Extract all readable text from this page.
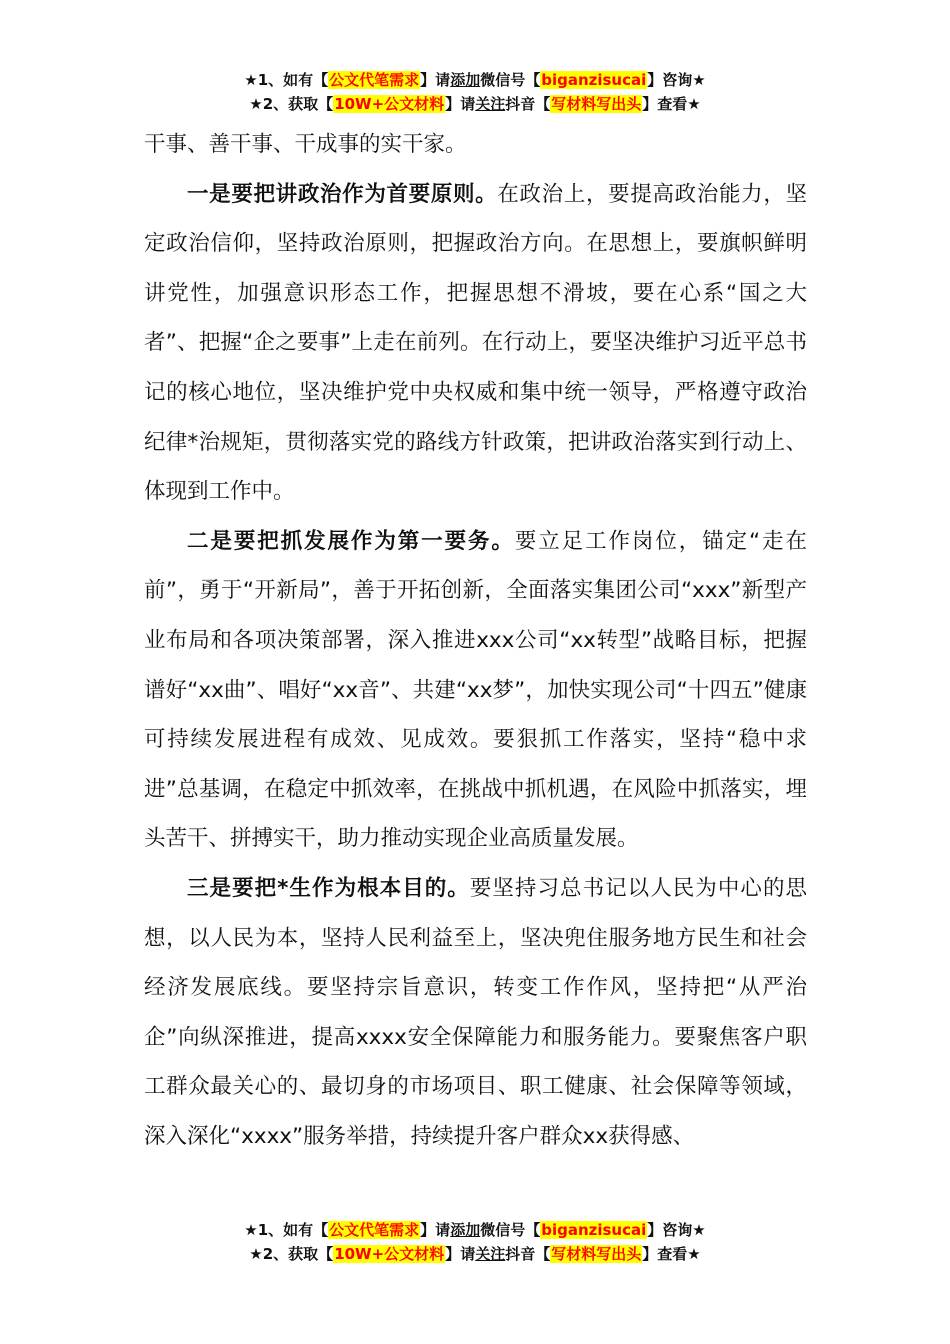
★1、如有【公文代笔需求】请添加微信号【biganzisucai】咨询★
★2、获取【10W+公文材料】请关注抖音【写材料写出头】查看★

干事、善干事、干成事的实干家。

一是要把讲政治作为首要原则。在政治上，要提高政治能力，坚定政治信仰，坚持政治原则，把握政治方向。在思想上，要旗帜鲜明讲党性，加强意识形态工作，把握思想不滑坡，要在心系“国之大者”、把握“企之要事”上走在前列。在行动上，要坚决维护习近平总书记的核心地位，坚决维护党中央权威和集中统一领导，严格遵守政治纪律*治规矩，贯彻落实党的路线方针政策，把讲政治落实到行动上、体现到工作中。

二是要把抓发展作为第一要务。要立足工作岗位，锚定“走在前”，勇于“开新局”，善于开拓创新，全面落实集团公司“xxx”新型产业布局和各项决策部署，深入推进xxx公司“xx转型”战略目标，把握谱好“xx曲”、唱好“xx音”、共建“xx梦”，加快实现公司“十四五”健康可持续发展进程有成效、见成效。要狠抓工作落实，坚持“稳中求进”总基调，在稳定中抓效率，在挑战中抓机遇，在风险中抓落实，埋头苦干、拼搏实干，助力推动实现企业高质量发展。

三是要把*生作为根本目的。要坚持习总书记以人民为中心的思想，以人民为本，坚持人民利益至上，坚决兜住服务地方民生和社会经济发展底线。要坚持宗旨意识，转变工作作风，坚持把“从严治企”向纵深推进，提高xxxx安全保障能力和服务能力。要聚焦客户职工群众最关心的、最切身的市场项目、职工健康、社会保障等领域，深入深化“xxxx”服务举措，持续提升客户群众xx获得感、

★1、如有【公文代笔需求】请添加微信号【biganzisucai】咨询★
★2、获取【10W+公文材料】请关注抖音【写材料写出头】查看★
